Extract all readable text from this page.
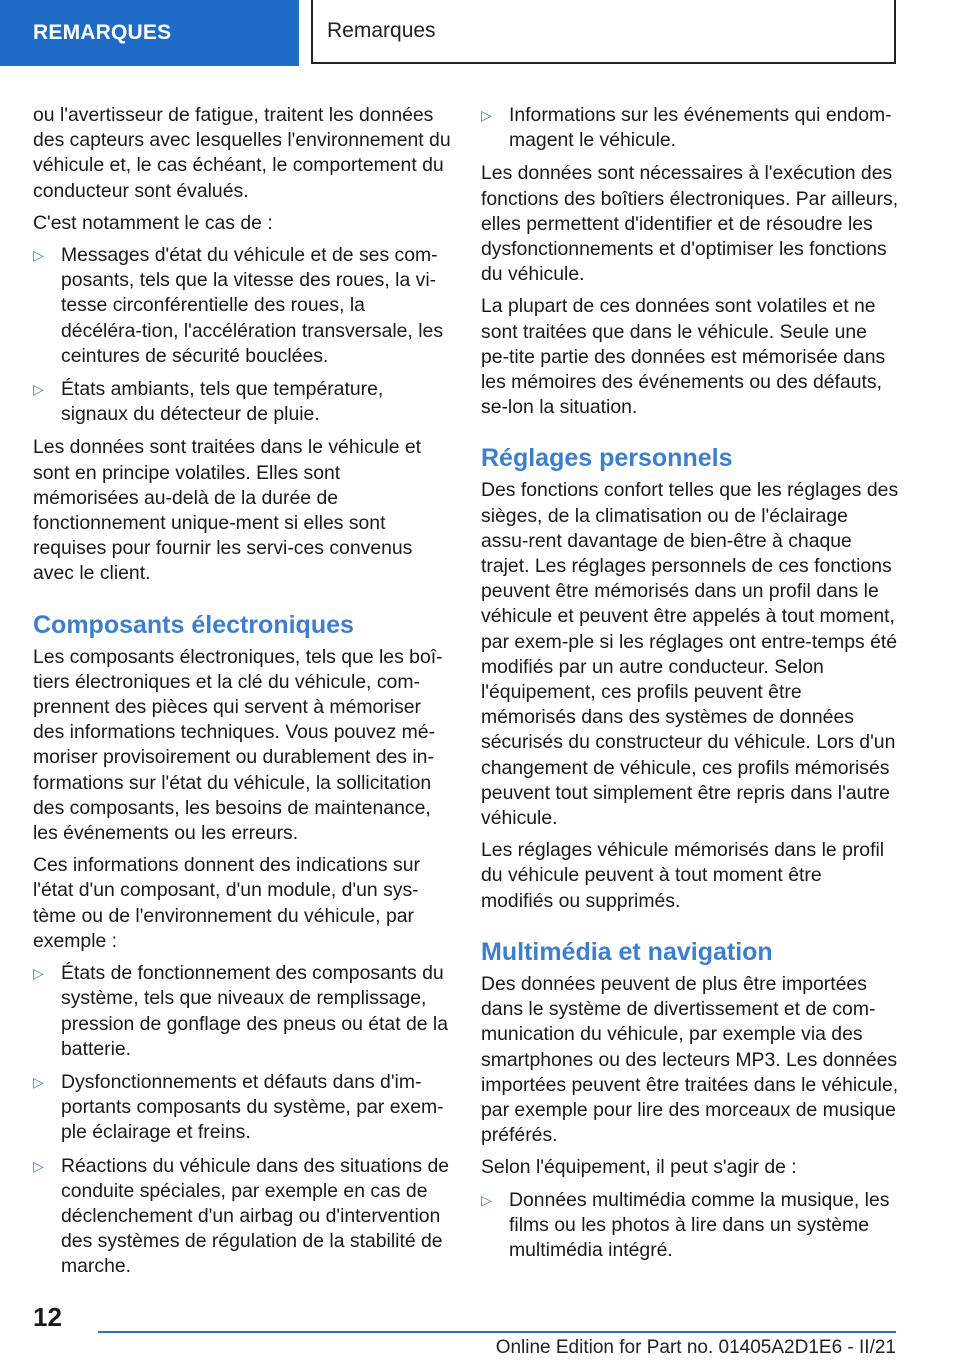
REMARQUES	Remarques

ou l'avertisseur de fatigue, traitent les données des capteurs avec lesquelles l'environnement du véhicule et, le cas échéant, le comportement du conducteur sont évalués.

C'est notamment le cas de :

▷ Messages d'état du véhicule et de ses com‐posants, tels que la vitesse des roues, la vi‐tesse circonférentielle des roues, la décéléra‐tion, l'accélération transversale, les ceintures de sécurité bouclées.
▷ États ambiants, tels que température, signaux du détecteur de pluie.

Les données sont traitées dans le véhicule et sont en principe volatiles. Elles sont mémorisées au-delà de la durée de fonctionnement unique‐ment si elles sont requises pour fournir les servi‐ces convenus avec le client.

Composants électroniques

Les composants électroniques, tels que les boî‐tiers électroniques et la clé du véhicule, com‐prennent des pièces qui servent à mémoriser des informations techniques. Vous pouvez mé‐moriser provisoirement ou durablement des in‐formations sur l'état du véhicule, la sollicitation des composants, les besoins de maintenance, les événements ou les erreurs.

Ces informations donnent des indications sur l'état d'un composant, d'un module, d'un sys‐tème ou de l'environnement du véhicule, par exemple :

▷ États de fonctionnement des composants du système, tels que niveaux de remplissage, pression de gonflage des pneus ou état de la batterie.
▷ Dysfonctionnements et défauts dans d'im‐portants composants du système, par exem‐ple éclairage et freins.
▷ Réactions du véhicule dans des situations de conduite spéciales, par exemple en cas de déclenchement d'un airbag ou d'intervention des systèmes de régulation de la stabilité de marche.
▷ Informations sur les événements qui endom‐magent le véhicule.

Les données sont nécessaires à l'exécution des fonctions des boîtiers électroniques. Par ailleurs, elles permettent d'identifier et de résoudre les dysfonctionnements et d'optimiser les fonctions du véhicule.

La plupart de ces données sont volatiles et ne sont traitées que dans le véhicule. Seule une pe‐tite partie des données est mémorisée dans les mémoires des événements ou des défauts, se‐lon la situation.

Réglages personnels

Des fonctions confort telles que les réglages des sièges, de la climatisation ou de l'éclairage assu‐rent davantage de bien-être à chaque trajet. Les réglages personnels de ces fonctions peuvent être mémorisés dans un profil dans le véhicule et peuvent être appelés à tout moment, par exem‐ple si les réglages ont entre-temps été modifiés par un autre conducteur. Selon l'équipement, ces profils peuvent être mémorisés dans des systèmes de données sécurisés du constructeur du véhicule. Lors d'un changement de véhicule, ces profils mémorisés peuvent tout simplement être repris dans l'autre véhicule.

Les réglages véhicule mémorisés dans le profil du véhicule peuvent à tout moment être modifiés ou supprimés.

Multimédia et navigation

Des données peuvent de plus être importées dans le système de divertissement et de com‐munication du véhicule, par exemple via des smartphones ou des lecteurs MP3. Les données importées peuvent être traitées dans le véhicule, par exemple pour lire des morceaux de musique préférés.

Selon l'équipement, il peut s'agir de :

▷ Données multimédia comme la musique, les films ou les photos à lire dans un système multimédia intégré.
12
Online Edition for Part no. 01405A2D1E6 - II/21
